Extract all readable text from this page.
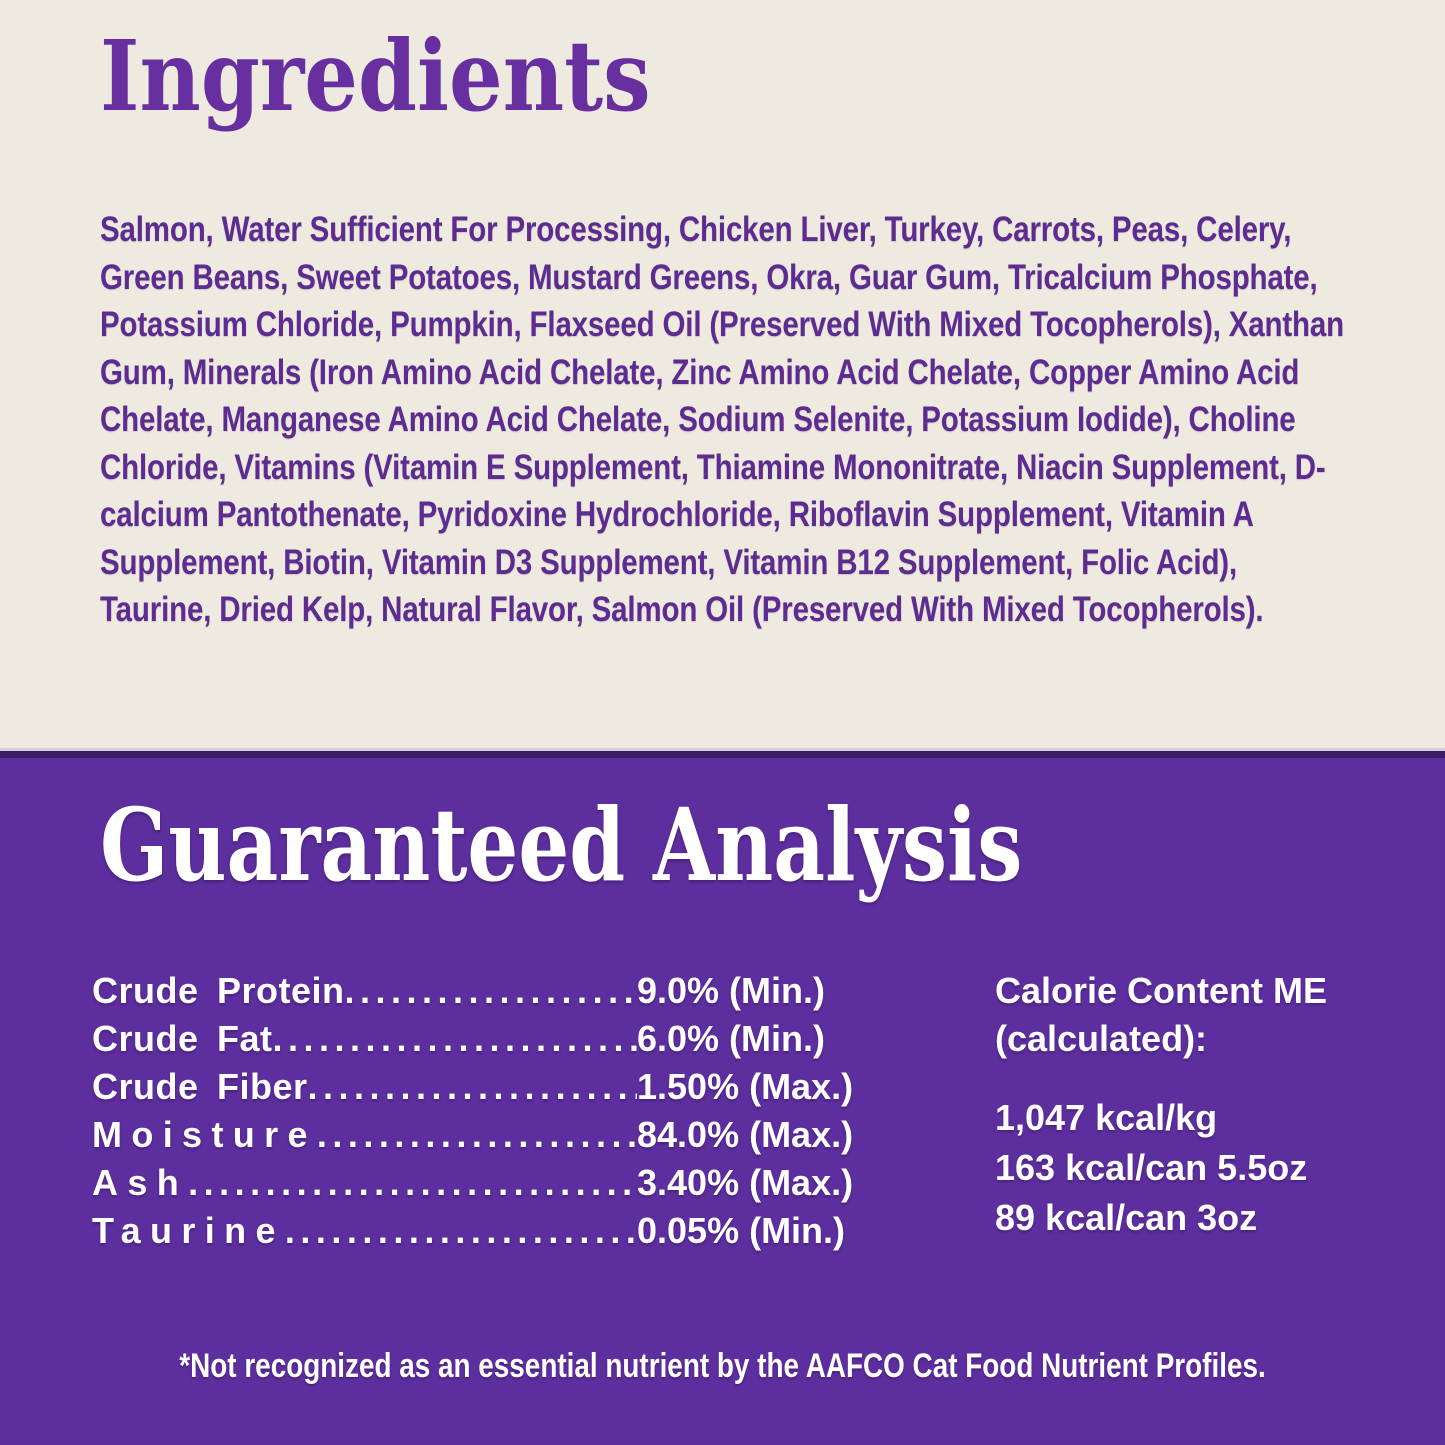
Ingredients

Salmon, Water Sufficient For Processing, Chicken Liver, Turkey, Carrots, Peas, Celery, Green Beans, Sweet Potatoes, Mustard Greens, Okra, Guar Gum, Tricalcium Phosphate, Potassium Chloride, Pumpkin, Flaxseed Oil (Preserved With Mixed Tocopherols), Xanthan Gum, Minerals (Iron Amino Acid Chelate, Zinc Amino Acid Chelate, Copper Amino Acid Chelate, Manganese Amino Acid Chelate, Sodium Selenite, Potassium Iodide), Choline Chloride, Vitamins (Vitamin E Supplement, Thiamine Mononitrate, Niacin Supplement, D-calcium Pantothenate, Pyridoxine Hydrochloride, Riboflavin Supplement, Vitamin A Supplement, Biotin, Vitamin D3 Supplement, Vitamin B12 Supplement, Folic Acid), Taurine, Dried Kelp, Natural Flavor, Salmon Oil (Preserved With Mixed Tocopherols).

Guaranteed Analysis
Crude Protein .....	9.0% (Min.)
Crude Fat .....	6.0% (Min.)
Crude Fiber .....	1.50% (Max.)
Moisture .....	84.0% (Max.)
Ash .....	3.40% (Max.)
Taurine .....	0.05% (Min.)
Calorie Content ME (calculated):
1,047 kcal/kg
163 kcal/can 5.5oz
89 kcal/can 3oz
*Not recognized as an essential nutrient by the AAFCO Cat Food Nutrient Profiles.
